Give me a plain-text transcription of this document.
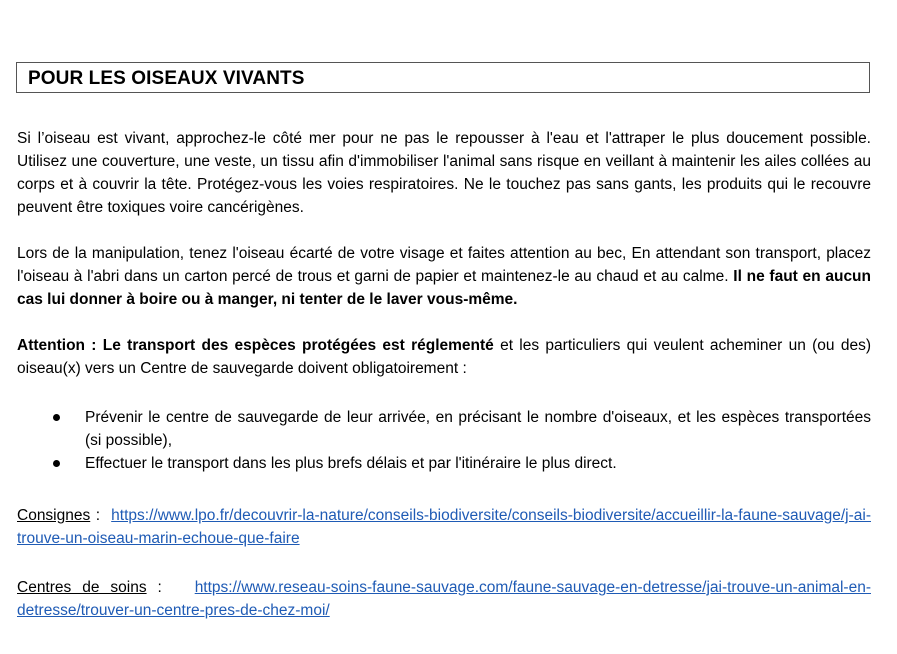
POUR LES OISEAUX VIVANTS

Si l’oiseau est vivant, approchez-le côté mer pour ne pas le repousser à l'eau et l'attraper le plus doucement possible. Utilisez une couverture, une veste, un tissu afin d'immobiliser l'animal sans risque en veillant à maintenir les ailes collées au corps et à couvrir la tête. Protégez-vous les voies respiratoires. Ne le touchez pas sans gants, les produits qui le recouvre peuvent être toxiques voire cancérigènes.

Lors de la manipulation, tenez l'oiseau écarté de votre visage et faites attention au bec, En attendant son transport, placez l'oiseau à l'abri dans un carton percé de trous et garni de papier et maintenez-le au chaud et au calme. Il ne faut en aucun cas lui donner à boire ou à manger, ni tenter de le laver vous-même.

Attention : Le transport des espèces protégées est réglementé et les particuliers qui veulent acheminer un (ou des) oiseau(x) vers un Centre de sauvegarde doivent obligatoirement :

Prévenir le centre de sauvegarde de leur arrivée, en précisant le nombre d'oiseaux, et les espèces transportées (si possible),
Effectuer le transport dans les plus brefs délais et par l'itinéraire le plus direct.

Consignes :  https://www.lpo.fr/decouvrir-la-nature/conseils-biodiversite/conseils-biodiversite/accueillir-la-faune-sauvage/j-ai-trouve-un-oiseau-marin-echoue-que-faire

Centres de soins :   https://www.reseau-soins-faune-sauvage.com/faune-sauvage-en-detresse/jai-trouve-un-animal-en-detresse/trouver-un-centre-pres-de-chez-moi/
